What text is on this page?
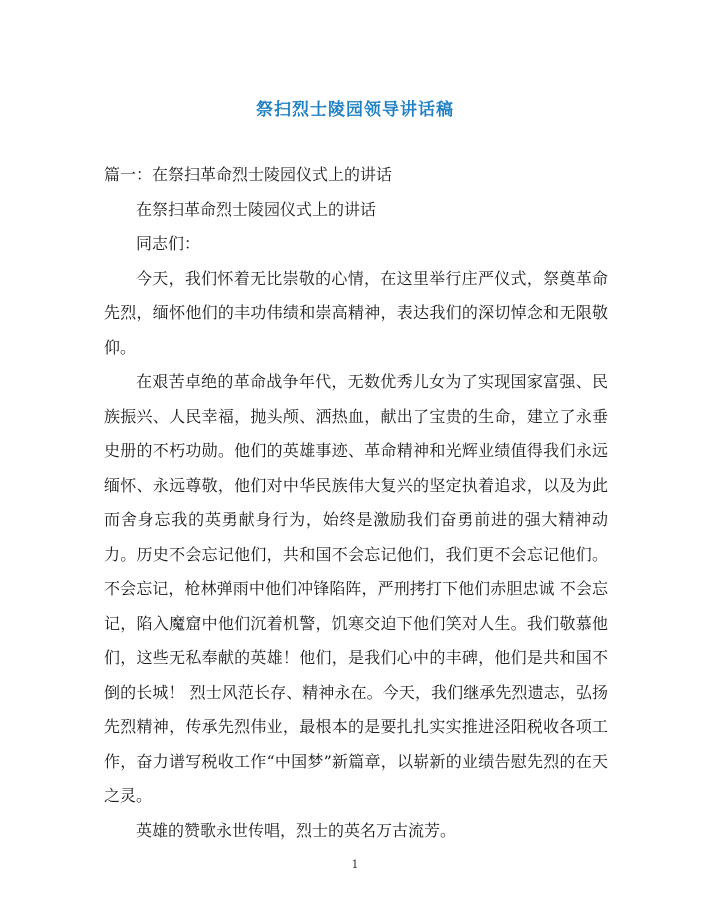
祭扫烈士陵园领导讲话稿

篇一：在祭扫革命烈士陵园仪式上的讲话

在祭扫革命烈士陵园仪式上的讲话

同志们：

今天，我们怀着无比崇敬的心情，在这里举行庄严仪式，祭奠革命先烈，缅怀他们的丰功伟绩和崇高精神，表达我们的深切悼念和无限敬仰。

在艰苦卓绝的革命战争年代，无数优秀儿女为了实现国家富强、民族振兴、人民幸福，抛头颅、洒热血，献出了宝贵的生命，建立了永垂史册的不朽功勋。他们的英雄事迹、革命精神和光辉业绩值得我们永远缅怀、永远尊敬，他们对中华民族伟大复兴的坚定执着追求，以及为此而舍身忘我的英勇献身行为，始终是激励我们奋勇前进的强大精神动力。历史不会忘记他们，共和国不会忘记他们，我们更不会忘记他们。不会忘记，枪林弹雨中他们冲锋陷阵，严刑拷打下他们赤胆忠诚 不会忘记，陷入魔窟中他们沉着机警，饥寒交迫下他们笑对人生。我们敬慕他们，这些无私奉献的英雄！他们，是我们心中的丰碑，他们是共和国不倒的长城！ 烈士风范长存、精神永在。今天，我们继承先烈遗志，弘扬先烈精神，传承先烈伟业，最根本的是要扎扎实实推进泾阳税收各项工作，奋力谱写税收工作“中国梦”新篇章，以崭新的业绩告慰先烈的在天之灵。

英雄的赞歌永世传唱，烈士的英名万古流芳。

1
